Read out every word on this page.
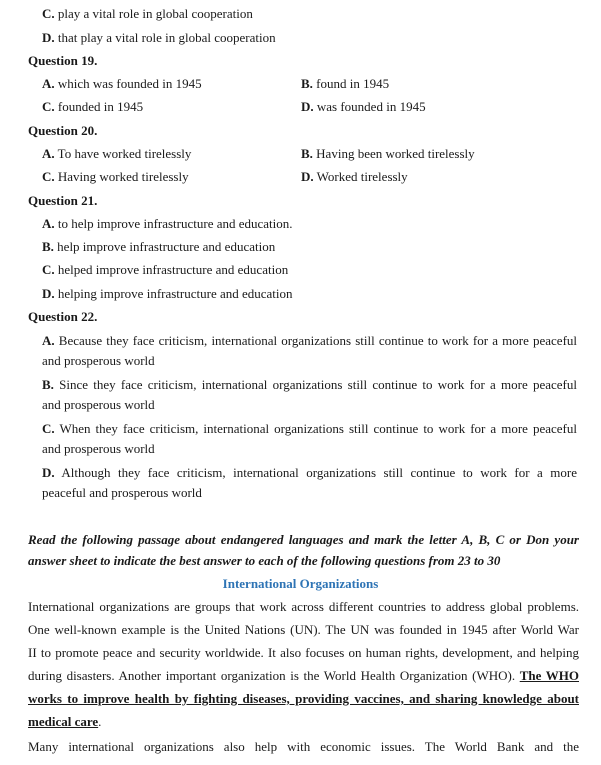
C. play a vital role in global cooperation
D. that play a vital role in global cooperation
Question 19.
A. which was founded in 1945	B. found in 1945
C. founded in 1945	D. was founded in 1945
Question 20.
A. To have worked tirelessly	B. Having been worked tirelessly
C. Having worked tirelessly	D. Worked tirelessly
Question 21.
A. to help improve infrastructure and education.
B. help improve infrastructure and education
C. helped improve infrastructure and education
D. helping improve infrastructure and education
Question 22.
A. Because they face criticism, international organizations still continue to work for a more peaceful
and prosperous world
B. Since they face criticism, international organizations still continue to work for a more peaceful
and prosperous world
C. When they face criticism, international organizations still continue to work for a more peaceful
and prosperous world
D. Although they face criticism, international organizations still continue to work for a more
peaceful and prosperous world
Read the following passage about endangered languages and mark the letter A, B, C or Don your
answer sheet to indicate the best answer to each of the following questions from 23 to 30
International Organizations
International organizations are groups that work across different countries to address global problems.
One well-known example is the United Nations (UN). The UN was founded in 1945 after World War
II to promote peace and security worldwide. It also focuses on human rights, development, and helping
during disasters. Another important organization is the World Health Organization (WHO). The WHO
works to improve health by fighting diseases, providing vaccines, and sharing knowledge about
medical care.
Many international organizations also help with economic issues. The World Bank and the
